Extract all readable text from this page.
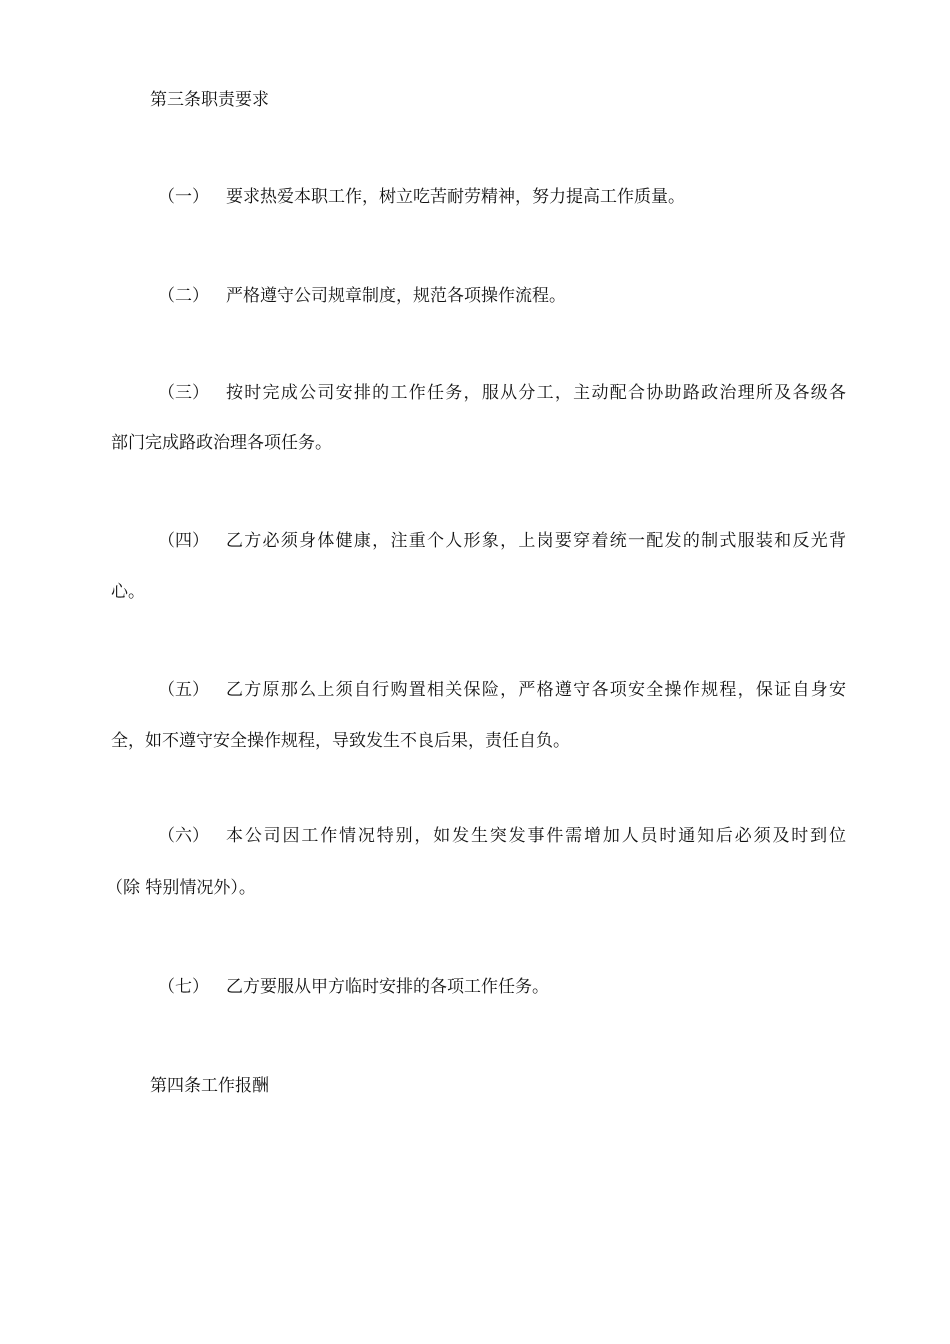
第三条职责要求
（一） 要求热爱本职工作，树立吃苦耐劳精神，努力提高工作质量。
（二） 严格遵守公司规章制度，规范各项操作流程。
（三） 按时完成公司安排的工作任务，服从分工，主动配合协助路政治理所及各级各
部门完成路政治理各项任务。
（四） 乙方必须身体健康，注重个人形象，上岗要穿着统一配发的制式服装和反光背
心。
（五） 乙方原那么上须自行购置相关保险，严格遵守各项安全操作规程，保证自身安
全，如不遵守安全操作规程，导致发生不良后果，责任自负。
（六） 本公司因工作情况特别，如发生突发事件需增加人员时通知后必须及时到位
（除 特别情况外）。
（七） 乙方要服从甲方临时安排的各项工作任务。
第四条工作报酬
